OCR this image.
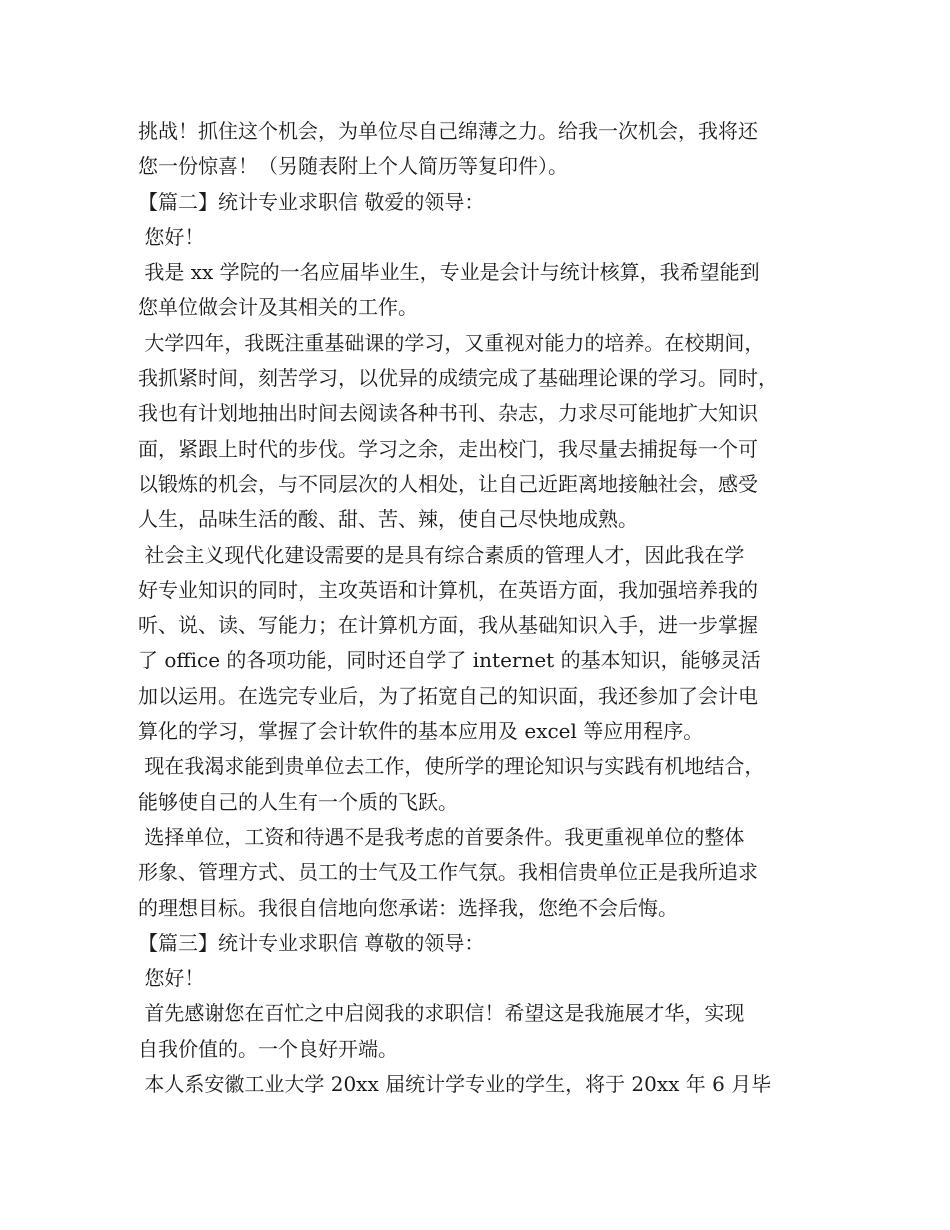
挑战！抓住这个机会，为单位尽自己绵薄之力。给我一次机会，我将还
您一份惊喜！（另随表附上个人简历等复印件）。
【篇二】统计专业求职信 敬爱的领导：
您好！
我是 xx 学院的一名应届毕业生，专业是会计与统计核算，我希望能到
您单位做会计及其相关的工作。
大学四年，我既注重基础课的学习，又重视对能力的培养。在校期间，
我抓紧时间，刻苦学习，以优异的成绩完成了基础理论课的学习。同时，
我也有计划地抽出时间去阅读各种书刊、杂志，力求尽可能地扩大知识
面，紧跟上时代的步伐。学习之余，走出校门，我尽量去捕捉每一个可
以锻炼的机会，与不同层次的人相处，让自己近距离地接触社会，感受
人生，品味生活的酸、甜、苦、辣，使自己尽快地成熟。
社会主义现代化建设需要的是具有综合素质的管理人才，因此我在学
好专业知识的同时，主攻英语和计算机，在英语方面，我加强培养我的
听、说、读、写能力；在计算机方面，我从基础知识入手，进一步掌握
了 office 的各项功能，同时还自学了 internet 的基本知识，能够灵活
加以运用。在选完专业后，为了拓宽自己的知识面，我还参加了会计电
算化的学习，掌握了会计软件的基本应用及 excel 等应用程序。
现在我渴求能到贵单位去工作，使所学的理论知识与实践有机地结合，
能够使自己的人生有一个质的飞跃。
选择单位，工资和待遇不是我考虑的首要条件。我更重视单位的整体
形象、管理方式、员工的士气及工作气氛。我相信贵单位正是我所追求
的理想目标。我很自信地向您承诺：选择我，您绝不会后悔。
【篇三】统计专业求职信 尊敬的领导：
您好！
首先感谢您在百忙之中启阅我的求职信！希望这是我施展才华，实现
自我价值的。一个良好开端。
本人系安徽工业大学 20xx 届统计学专业的学生，将于 20xx 年 6 月毕
